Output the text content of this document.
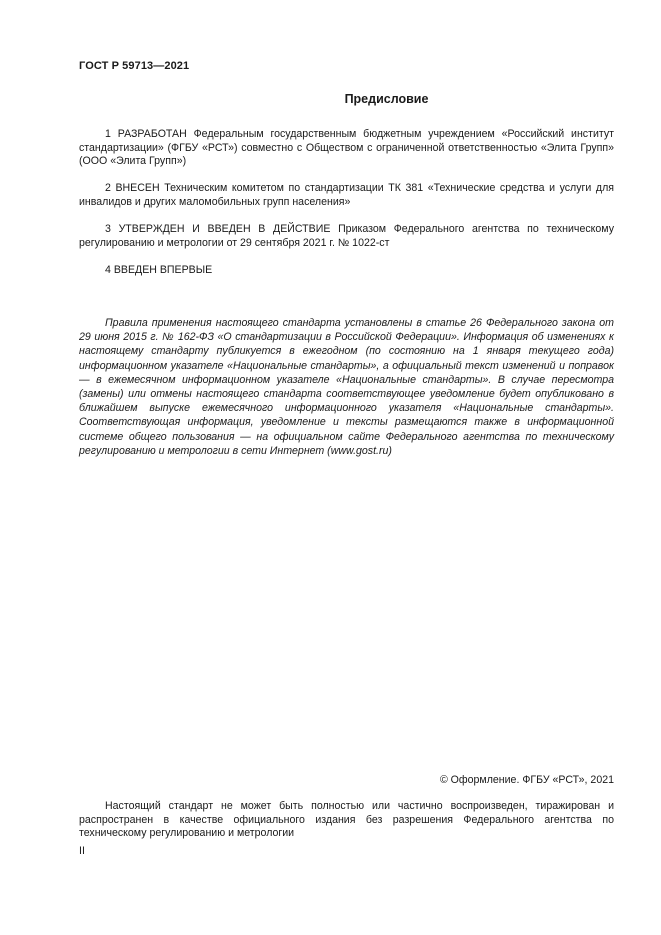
ГОСТ Р 59713—2021
Предисловие

1 РАЗРАБОТАН Федеральным государственным бюджетным учреждением «Российский институт стандартизации» (ФГБУ «РСТ») совместно с Обществом с ограниченной ответственностью «Элита Групп» (ООО «Элита Групп»)

2 ВНЕСЕН Техническим комитетом по стандартизации ТК 381 «Технические средства и услуги для инвалидов и других маломобильных групп населения»

3 УТВЕРЖДЕН И ВВЕДЕН В ДЕЙСТВИЕ Приказом Федерального агентства по техническому регулированию и метрологии от 29 сентября 2021 г. № 1022-ст

4 ВВЕДЕН ВПЕРВЫЕ

Правила применения настоящего стандарта установлены в статье 26 Федерального закона от 29 июня 2015 г. № 162-ФЗ «О стандартизации в Российской Федерации». Информация об изменениях к настоящему стандарту публикуется в ежегодном (по состоянию на 1 января текущего года) информационном указателе «Национальные стандарты», а официальный текст изменений и поправок — в ежемесячном информационном указателе «Национальные стандарты». В случае пересмотра (замены) или отмены настоящего стандарта соответствующее уведомление будет опубликовано в ближайшем выпуске ежемесячного информационного указателя «Национальные стандарты». Соответствующая информация, уведомление и тексты размещаются также в информационной системе общего пользования — на официальном сайте Федерального агентства по техническому регулированию и метрологии в сети Интернет (www.gost.ru)

© Оформление. ФГБУ «РСТ», 2021

Настоящий стандарт не может быть полностью или частично воспроизведен, тиражирован и распространен в качестве официального издания без разрешения Федерального агентства по техническому регулированию и метрологии

II
